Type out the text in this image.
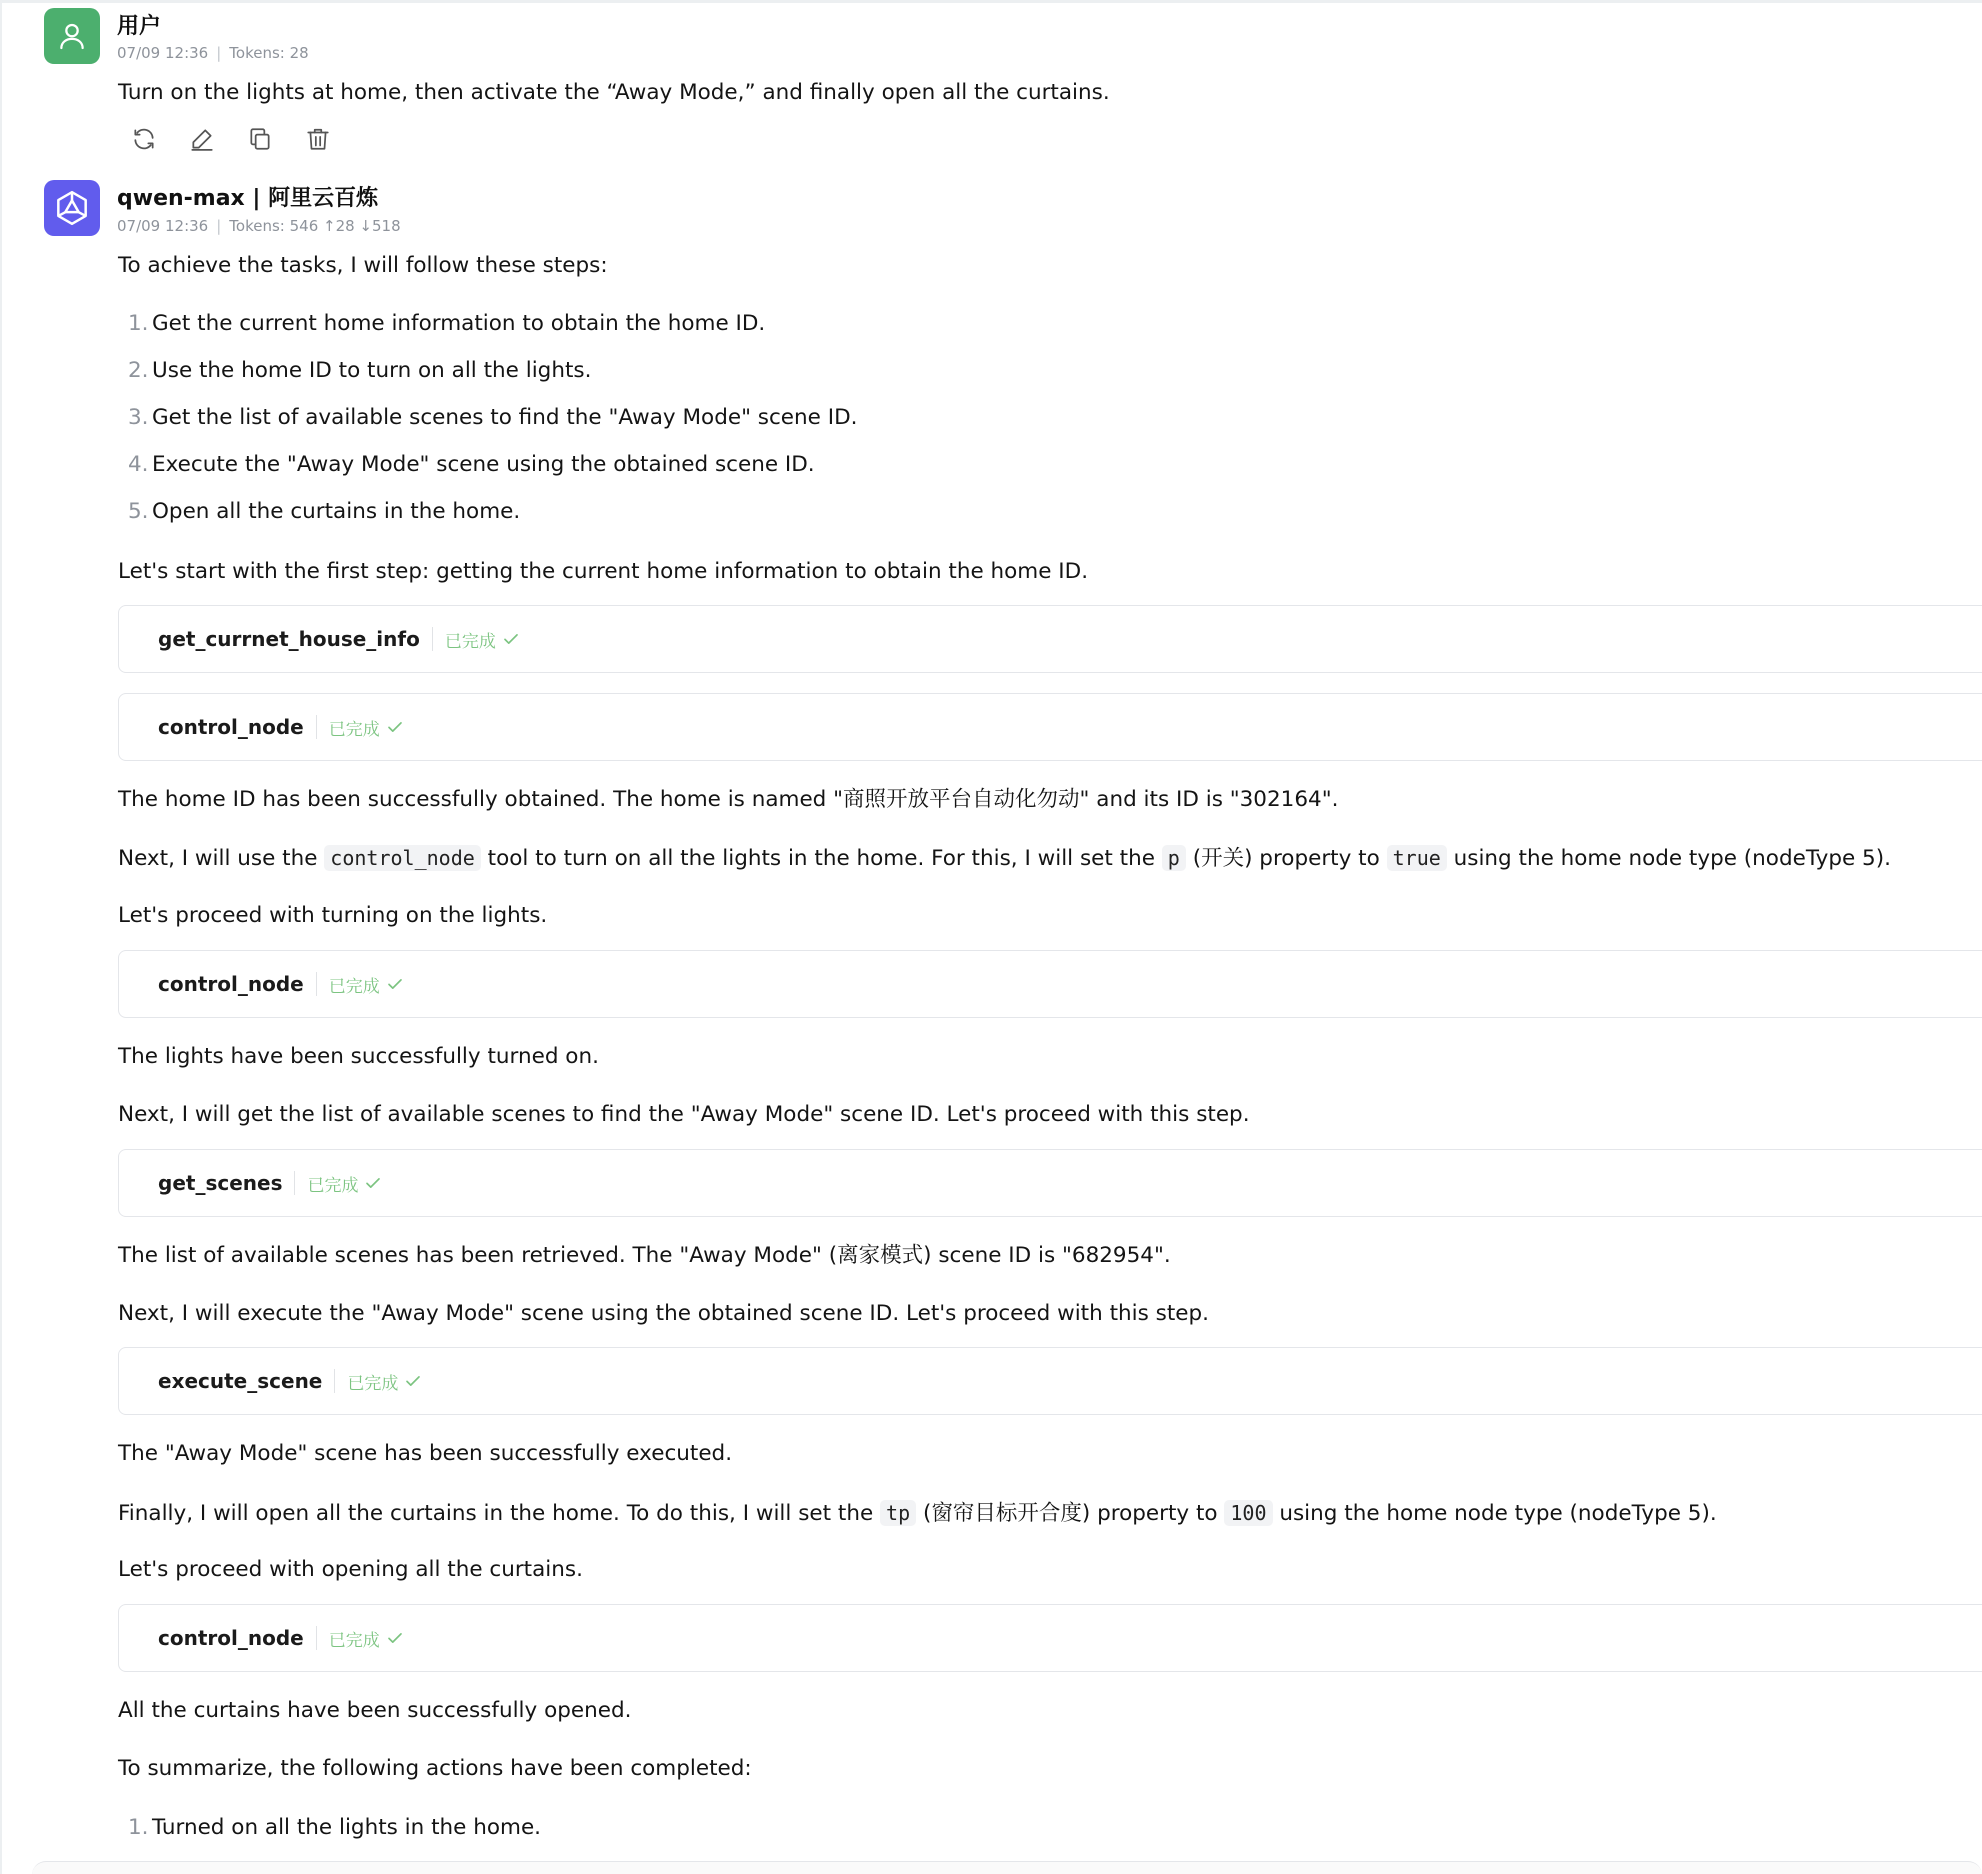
用户
07/09 12:36 | Tokens: 28
Turn on the lights at home, then activate the “Away Mode,” and finally open all the curtains.
qwen-max | 阿里云百炼
07/09 12:36 | Tokens: 546 ↑28 ↓518
To achieve the tasks, I will follow these steps:
1. Get the current home information to obtain the home ID.
2. Use the home ID to turn on all the lights.
3. Get the list of available scenes to find the "Away Mode" scene ID.
4. Execute the "Away Mode" scene using the obtained scene ID.
5. Open all the curtains in the home.
Let's start with the first step: getting the current home information to obtain the home ID.
get_currnet_house_info 已完成
control_node 已完成
The home ID has been successfully obtained. The home is named "商照开放平台自动化勿动" and its ID is "302164".
Next, I will use the control_node tool to turn on all the lights in the home. For this, I will set the p (开关) property to true using the home node type (nodeType 5).
Let's proceed with turning on the lights.
control_node 已完成
The lights have been successfully turned on.
Next, I will get the list of available scenes to find the "Away Mode" scene ID. Let's proceed with this step.
get_scenes 已完成
The list of available scenes has been retrieved. The "Away Mode" (离家模式) scene ID is "682954".
Next, I will execute the "Away Mode" scene using the obtained scene ID. Let's proceed with this step.
execute_scene 已完成
The "Away Mode" scene has been successfully executed.
Finally, I will open all the curtains in the home. To do this, I will set the tp (窗帘目标开合度) property to 100 using the home node type (nodeType 5).
Let's proceed with opening all the curtains.
control_node 已完成
All the curtains have been successfully opened.
To summarize, the following actions have been completed:
1. Turned on all the lights in the home.
